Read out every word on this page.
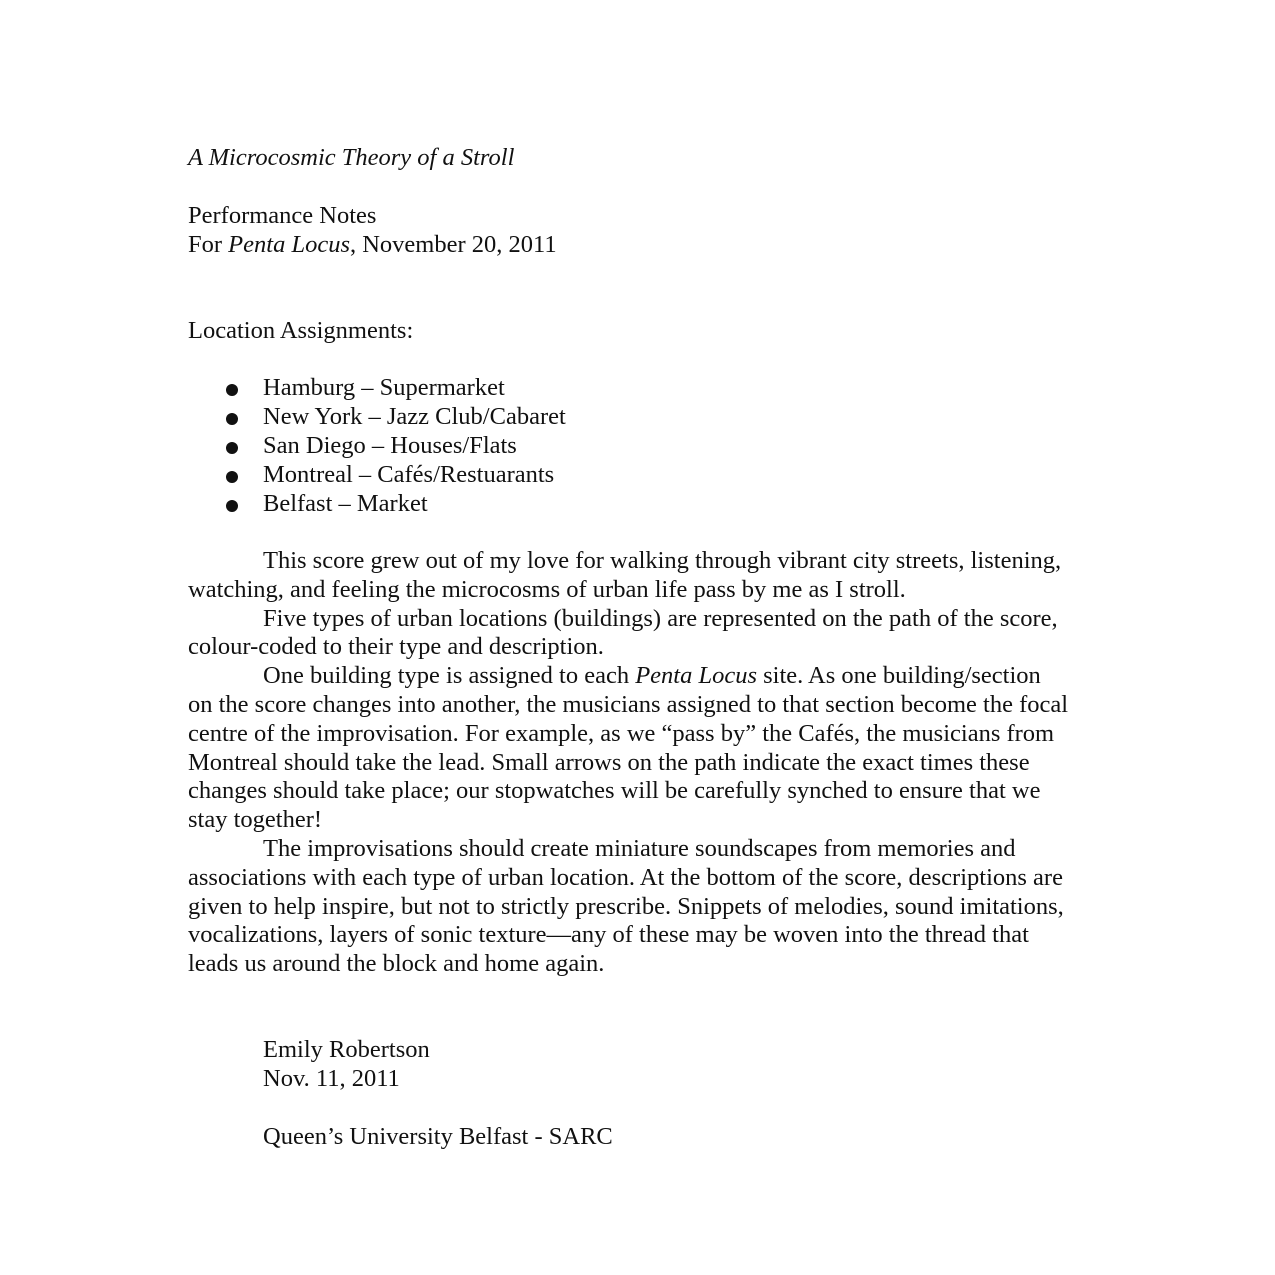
A Microcosmic Theory of a Stroll
Performance Notes
For Penta Locus, November 20, 2011
Location Assignments:
Hamburg – Supermarket
New York – Jazz Club/Cabaret
San Diego – Houses/Flats
Montreal – Cafés/Restuarants
Belfast – Market

This score grew out of my love for walking through vibrant city streets, listening,
watching, and feeling the microcosms of urban life pass by me as I stroll.

Five types of urban locations (buildings) are represented on the path of the score,
colour-coded to their type and description.

One building type is assigned to each Penta Locus site. As one building/section
on the score changes into another, the musicians assigned to that section become the focal
centre of the improvisation. For example, as we “pass by” the Cafés, the musicians from
Montreal should take the lead. Small arrows on the path indicate the exact times these
changes should take place; our stopwatches will be carefully synched to ensure that we
stay together!

The improvisations should create miniature soundscapes from memories and
associations with each type of urban location. At the bottom of the score, descriptions are
given to help inspire, but not to strictly prescribe. Snippets of melodies, sound imitations,
vocalizations, layers of sonic texture—any of these may be woven into the thread that
leads us around the block and home again.

Emily Robertson
Nov. 11, 2011
Queen’s University Belfast - SARC
